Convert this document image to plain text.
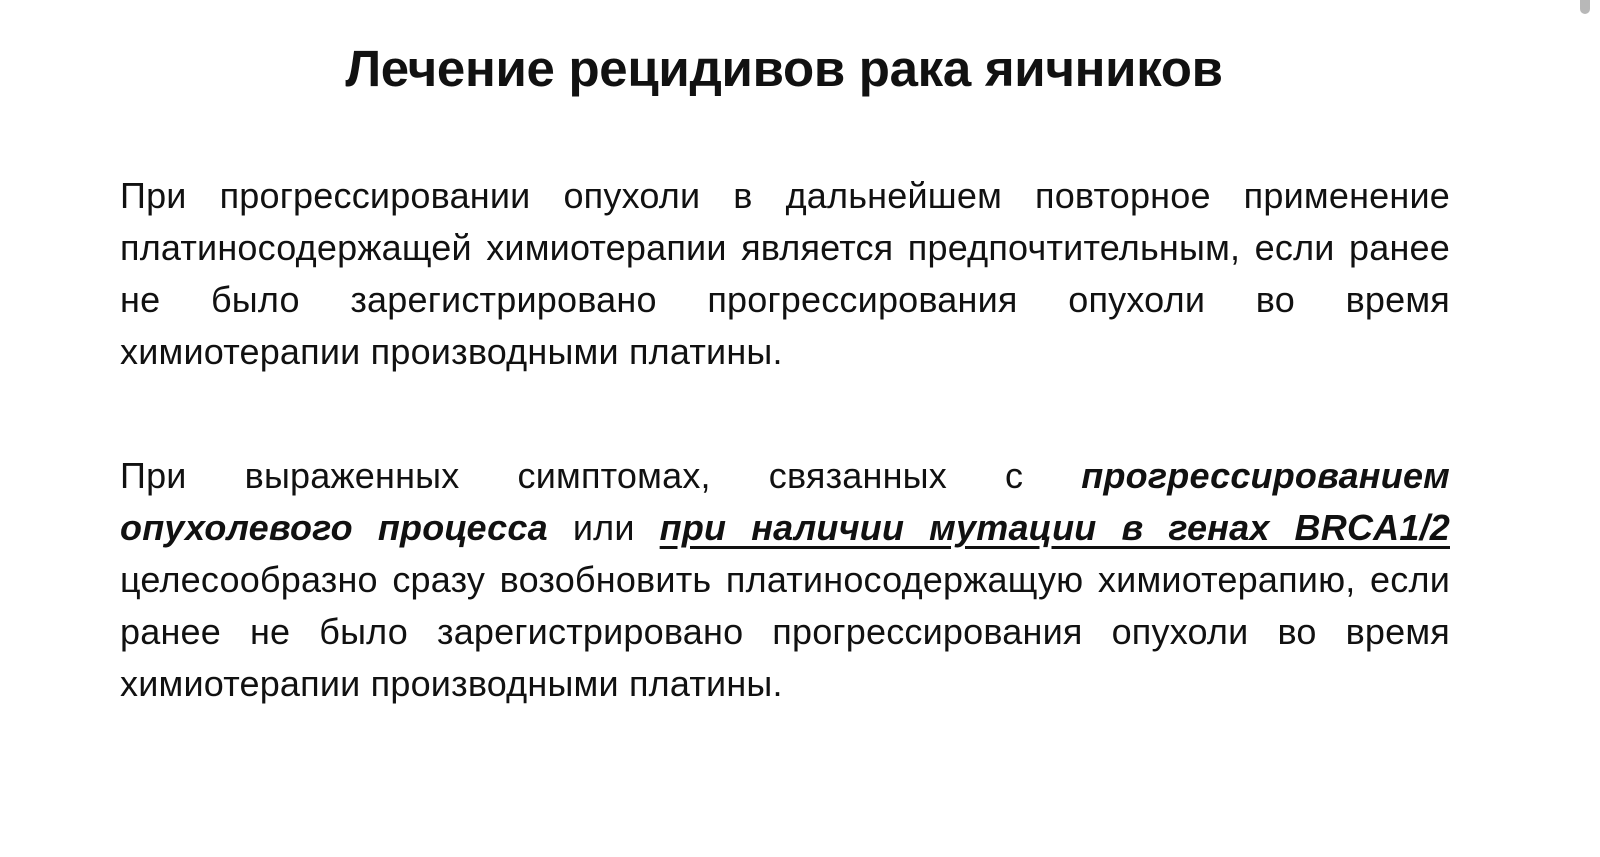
Лечение рецидивов рака яичников

При прогрессировании опухоли в дальнейшем повторное применение платиносодержащей химиотерапии является предпочтительным, если ранее не было зарегистрировано прогрессирования опухоли во время химиотерапии производными платины.

При выраженных симптомах, связанных с прогрессированием опухолевого процесса или при наличии мутации в генах BRCA1/2 целесообразно сразу возобновить платиносодержащую химиотерапию, если ранее не было зарегистрировано прогрессирования опухоли во время химиотерапии производными платины.
